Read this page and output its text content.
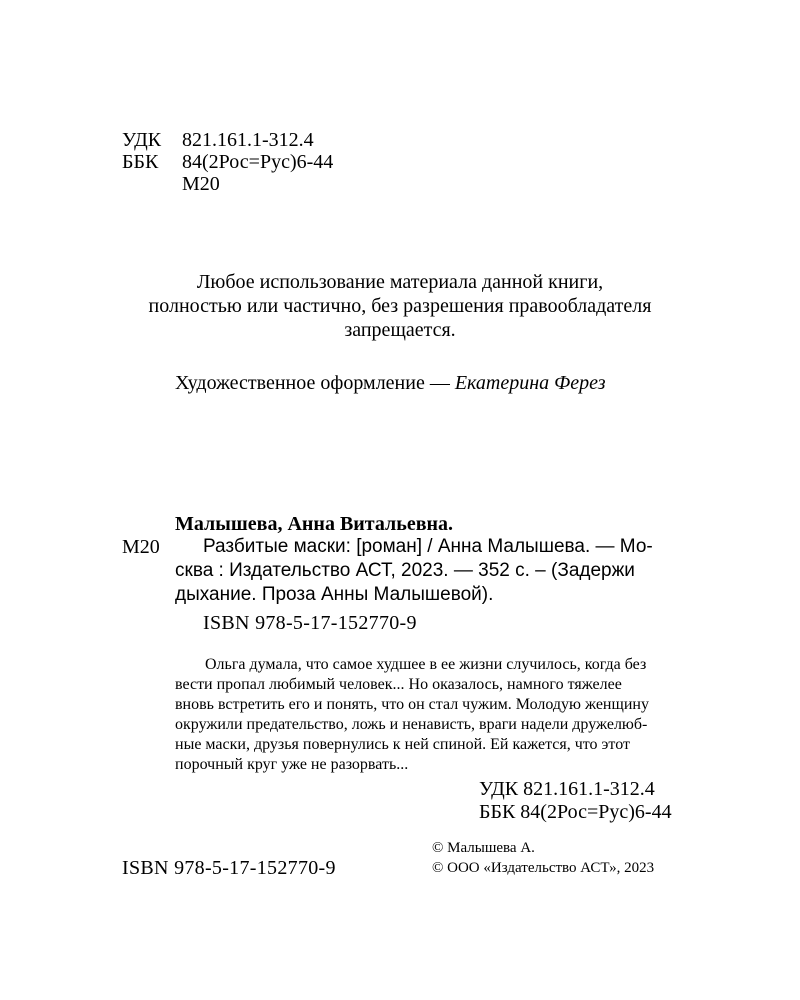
УДК	821.161.1-312.4
ББК	84(2Рос=Рус)6-44
М20
Любое использование материала данной книги,
полностью или частично, без разрешения правообладателя
запрещается.
Художественное оформление — Екатерина Ферез
Малышева, Анна Витальевна.
М20	Разбитые маски: [роман] / Анна Малышева. — Мо-
сква : Издательство АСТ, 2023. — 352 с. – (Задержи
дыхание. Проза Анны Малышевой).
ISBN 978-5-17-152770-9
Ольга думала, что самое худшее в ее жизни случилось, когда без
вести пропал любимый человек... Но оказалось, намного тяжелее
вновь встретить его и понять, что он стал чужим. Молодую женщину
окружили предательство, ложь и ненависть, враги надели дружелюб-
ные маски, друзья повернулись к ней спиной. Ей кажется, что этот
порочный круг уже не разорвать...
УДК 821.161.1-312.4
ББК 84(2Рос=Рус)6-44
© Малышева А.
© ООО «Издательство АСТ», 2023
ISBN 978-5-17-152770-9
